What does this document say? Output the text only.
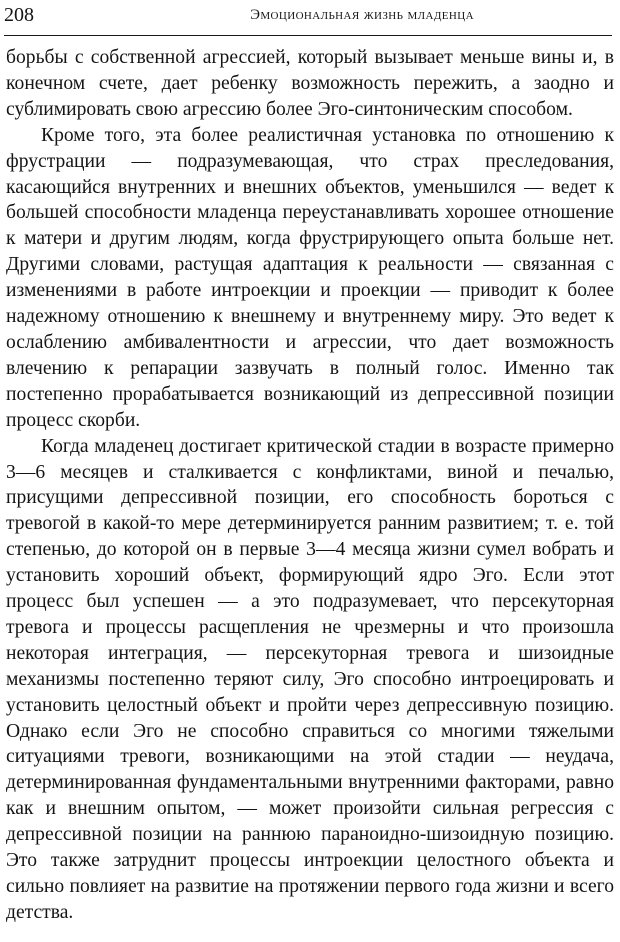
208	Эмоциональная жизнь младенца

борьбы с собственной агрессией, который вызывает меньше вины и, в конечном счете, дает ребенку возможность пережить, а заодно и сублимировать свою агрессию более Эго-синтоническим способом.

Кроме того, эта более реалистичная установка по отношению к фрустрации — подразумевающая, что страх преследования, касающийся внутренних и внешних объектов, уменьшился — ведет к большей способности младенца переустанавливать хорошее отношение к матери и другим людям, когда фрустрирующего опыта больше нет. Другими словами, растущая адаптация к реальности — связанная с изменениями в работе интроекции и проекции — приводит к более надежному отношению к внешнему и внутреннему миру. Это ведет к ослаблению амбивалентности и агрессии, что дает возможность влечению к репарации зазвучать в полный голос. Именно так постепенно прорабатывается возникающий из депрессивной позиции процесс скорби.

Когда младенец достигает критической стадии в возрасте примерно 3—6 месяцев и сталкивается с конфликтами, виной и печалью, присущими депрессивной позиции, его способность бороться с тревогой в какой-то мере детерминируется ранним развитием; т. е. той степенью, до которой он в первые 3—4 месяца жизни сумел вобрать и установить хороший объект, формирующий ядро Эго. Если этот процесс был успешен — а это подразумевает, что персекуторная тревога и процессы расщепления не чрезмерны и что произошла некоторая интеграция, — персекуторная тревога и шизоидные механизмы постепенно теряют силу, Эго способно интроецировать и установить целостный объект и пройти через депрессивную позицию. Однако если Эго не способно справиться со многими тяжелыми ситуациями тревоги, возникающими на этой стадии — неудача, детерминированная фундаментальными внутренними факторами, равно как и внешним опытом, — может произойти сильная регрессия с депрессивной позиции на раннюю параноидно-шизоидную позицию. Это также затруднит процессы интроекции целостного объекта и сильно повлияет на развитие на протяжении первого года жизни и всего детства.
